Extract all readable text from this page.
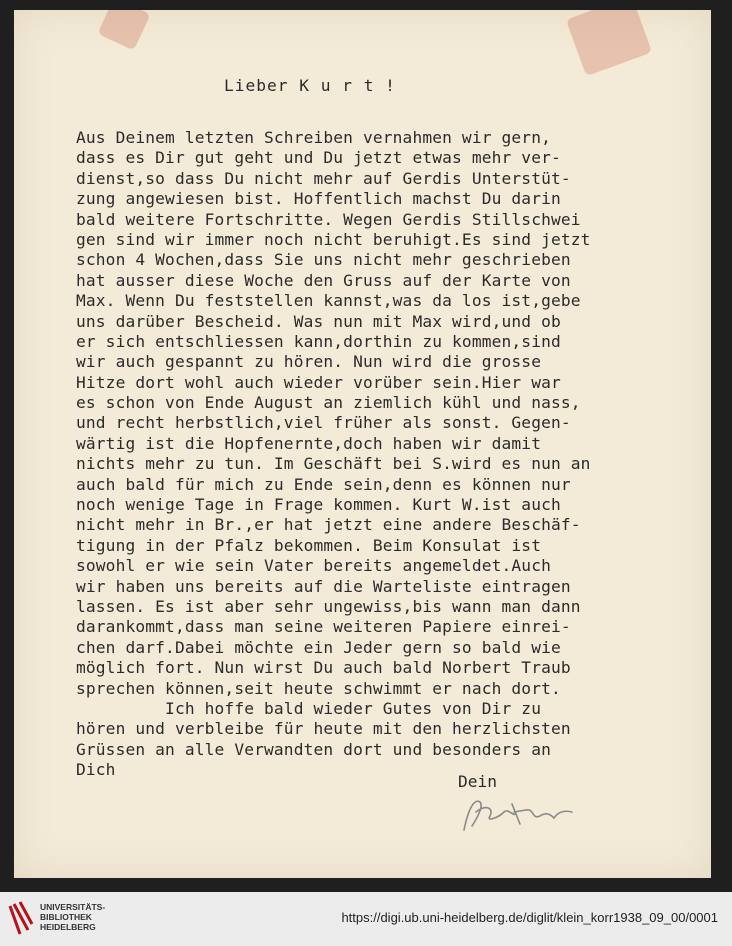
Lieber K u r t !

Aus Deinem letzten Schreiben vernahmen wir gern,
dass es Dir gut geht und Du jetzt etwas mehr ver-
dienst,so dass Du nicht mehr auf Gerdis Unterstüt-
zung angewiesen bist. Hoffentlich machst Du darin
bald weitere Fortschritte. Wegen Gerdis Stillschwei
gen sind wir immer noch nicht beruhigt.Es sind jetzt
schon 4 Wochen,dass Sie uns nicht mehr geschrieben
hat ausser diese Woche den Gruss auf der Karte von
Max. Wenn Du feststellen kannst,was da los ist,gebe
uns darüber Bescheid. Was nun mit Max wird,und ob
er sich entschliessen kann,dorthin zu kommen,sind
wir auch gespannt zu hören. Nun wird die grosse
Hitze dort wohl auch wieder vorüber sein.Hier war
es schon von Ende August an ziemlich kühl und nass,
und recht herbstlich,viel früher als sonst. Gegen-
wärtig ist die Hopfenernte,doch haben wir damit
nichts mehr zu tun. Im Geschäft bei S.wird es nun an
auch bald für mich zu Ende sein,denn es können nur
noch wenige Tage in Frage kommen. Kurt W.ist auch
nicht mehr in Br.,er hat jetzt eine andere Beschäf-
tigung in der Pfalz bekommen. Beim Konsulat ist
sowohl er wie sein Vater bereits angemeldet.Auch
wir haben uns bereits auf die Warteliste eintragen
lassen. Es ist aber sehr ungewiss,bis wann man dann
darankommt,dass man seine weiteren Papiere einrei-
chen darf.Dabei möchte ein Jeder gern so bald wie
möglich fort. Nun wirst Du auch bald Norbert Traub
sprechen können,seit heute schwimmt er nach dort.
Ich hoffe bald wieder Gutes von Dir zu
hören und verbleibe für heute mit den herzlichsten
Grüssen an alle Verwandten dort und besonders an
Dich

Dein
UNIVERSITÄTS-
BIBLIOTHEK
HEIDELBERG
https://digi.ub.uni-heidelberg.de/diglit/klein_korr1938_09_00/0001
